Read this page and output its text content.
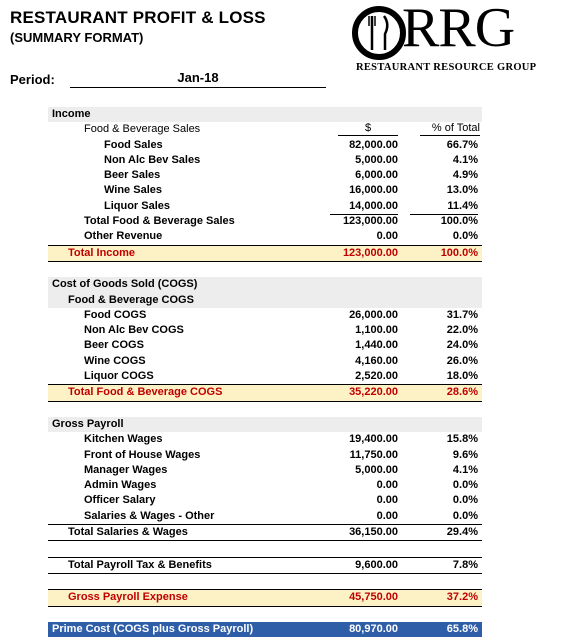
RESTAURANT PROFIT & LOSS
(SUMMARY FORMAT)	RRG
RESTAURANT RESOURCE GROUP
Period:	Jan-18
Income
Food & Beverage Sales	$	% of Total
Food Sales	82,000.00	66.7%
Non Alc Bev Sales	5,000.00	4.1%
Beer Sales	6,000.00	4.9%
Wine Sales	16,000.00	13.0%
Liquor Sales	14,000.00	11.4%
Total Food & Beverage Sales	123,000.00	100.0%
Other Revenue	0.00	0.0%
Total Income	123,000.00	100.0%
Cost of Goods Sold (COGS)
Food & Beverage COGS
Food COGS	26,000.00	31.7%
Non Alc Bev COGS	1,100.00	22.0%
Beer COGS	1,440.00	24.0%
Wine COGS	4,160.00	26.0%
Liquor COGS	2,520.00	18.0%
Total Food & Beverage COGS	35,220.00	28.6%
Gross Payroll
Kitchen Wages	19,400.00	15.8%
Front of House Wages	11,750.00	9.6%
Manager Wages	5,000.00	4.1%
Admin Wages	0.00	0.0%
Officer Salary	0.00	0.0%
Salaries & Wages - Other	0.00	0.0%
Total Salaries & Wages	36,150.00	29.4%
Total Payroll Tax & Benefits	9,600.00	7.8%
Gross Payroll Expense	45,750.00	37.2%
Prime Cost (COGS plus Gross Payroll)	80,970.00	65.8%
